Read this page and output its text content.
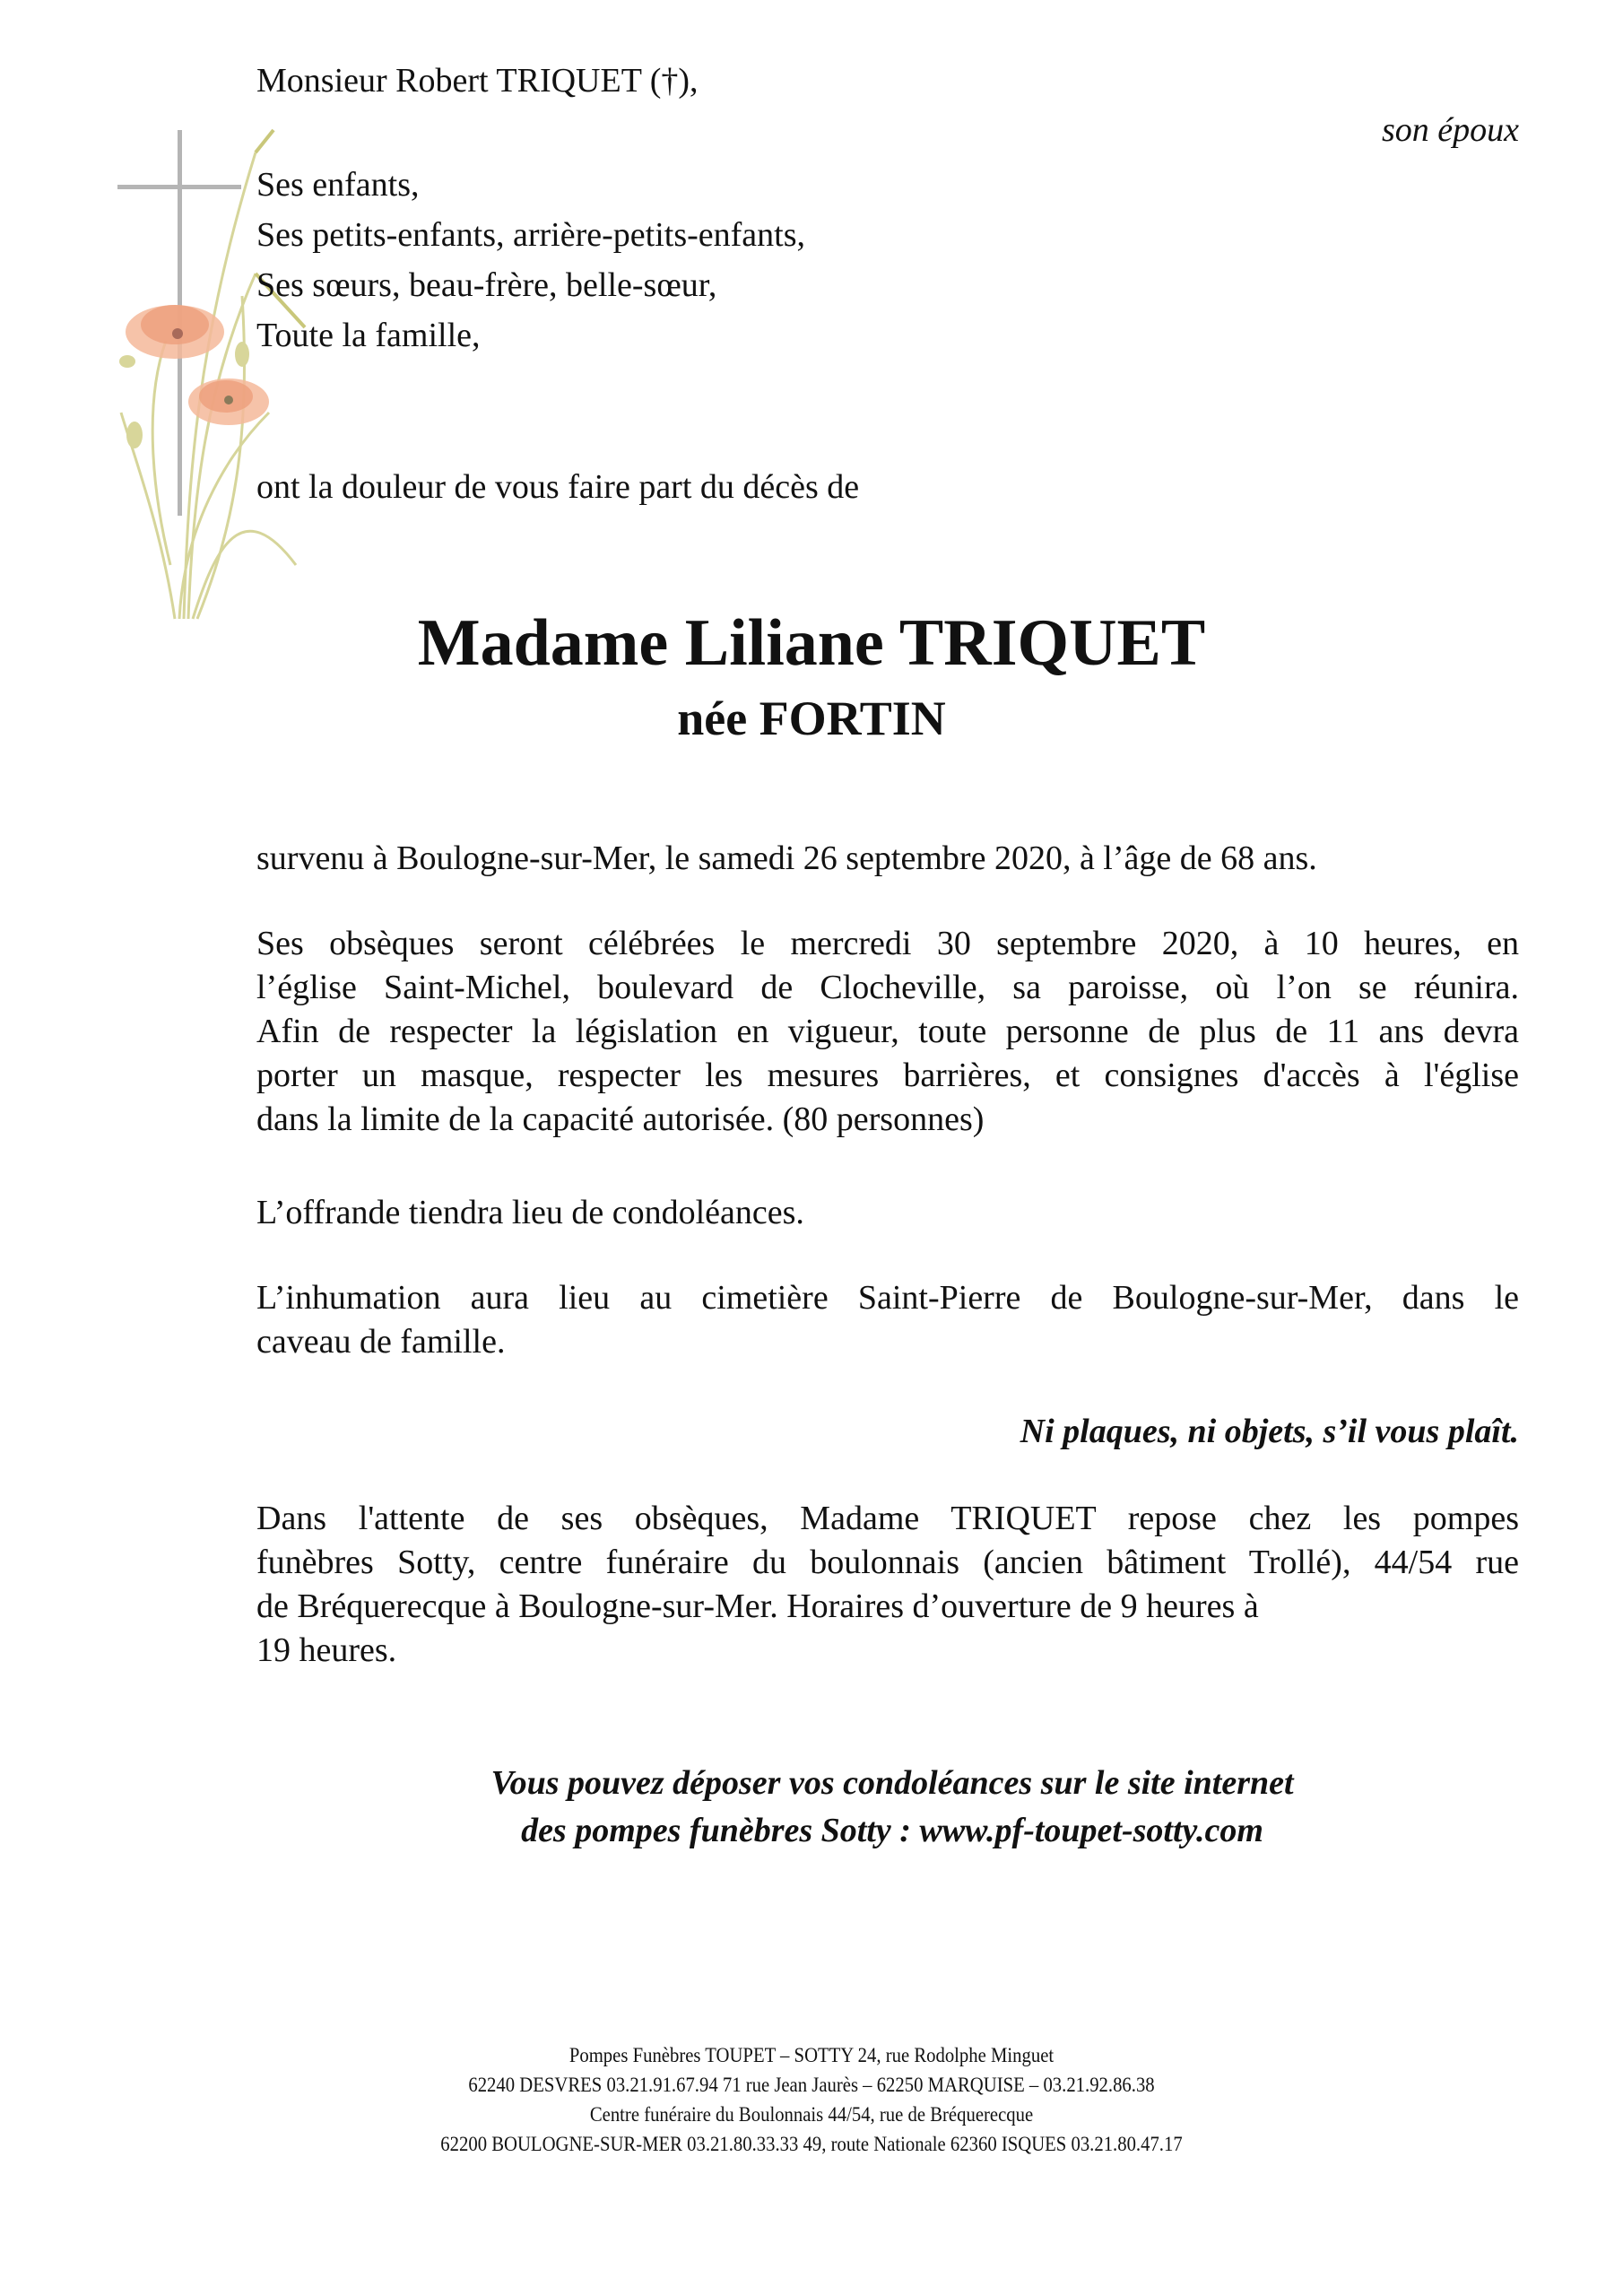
Monsieur Robert TRIQUET (†),
son époux
Ses enfants,
Ses petits-enfants, arrière-petits-enfants,
Ses sœurs, beau-frère, belle-sœur,
Toute la famille,
ont la douleur de vous faire part du décès de
Madame Liliane TRIQUET
née FORTIN
survenu à Boulogne-sur-Mer, le samedi 26 septembre 2020, à l’âge de 68 ans.
Ses obsèques seront célébrées le mercredi 30 septembre 2020, à 10 heures, en
l’église Saint-Michel, boulevard de Clocheville, sa paroisse, où l’on se réunira.
Afin de respecter la législation en vigueur, toute personne de plus de 11 ans devra
porter un masque, respecter les mesures barrières, et consignes d'accès à l'église
dans la limite de la capacité autorisée. (80 personnes)
L’offrande tiendra lieu de condoléances.
L’inhumation aura lieu au cimetière Saint-Pierre de Boulogne-sur-Mer, dans le
caveau de famille.
Ni plaques, ni objets, s’il vous plaît.
Dans l'attente de ses obsèques, Madame TRIQUET repose chez les pompes
funèbres Sotty, centre funéraire du boulonnais (ancien bâtiment Trollé), 44/54 rue
de Bréquerecque à Boulogne-sur-Mer. Horaires d’ouverture de 9 heures à
19 heures.
Vous pouvez déposer vos condoléances sur le site internet
des pompes funèbres Sotty : www.pf-toupet-sotty.com
Pompes Funèbres TOUPET – SOTTY 24, rue Rodolphe Minguet
62240 DESVRES 03.21.91.67.94 71 rue Jean Jaurès – 62250 MARQUISE – 03.21.92.86.38
Centre funéraire du Boulonnais 44/54, rue de Bréquerecque
62200 BOULOGNE-SUR-MER 03.21.80.33.33 49, route Nationale 62360 ISQUES 03.21.80.47.17
